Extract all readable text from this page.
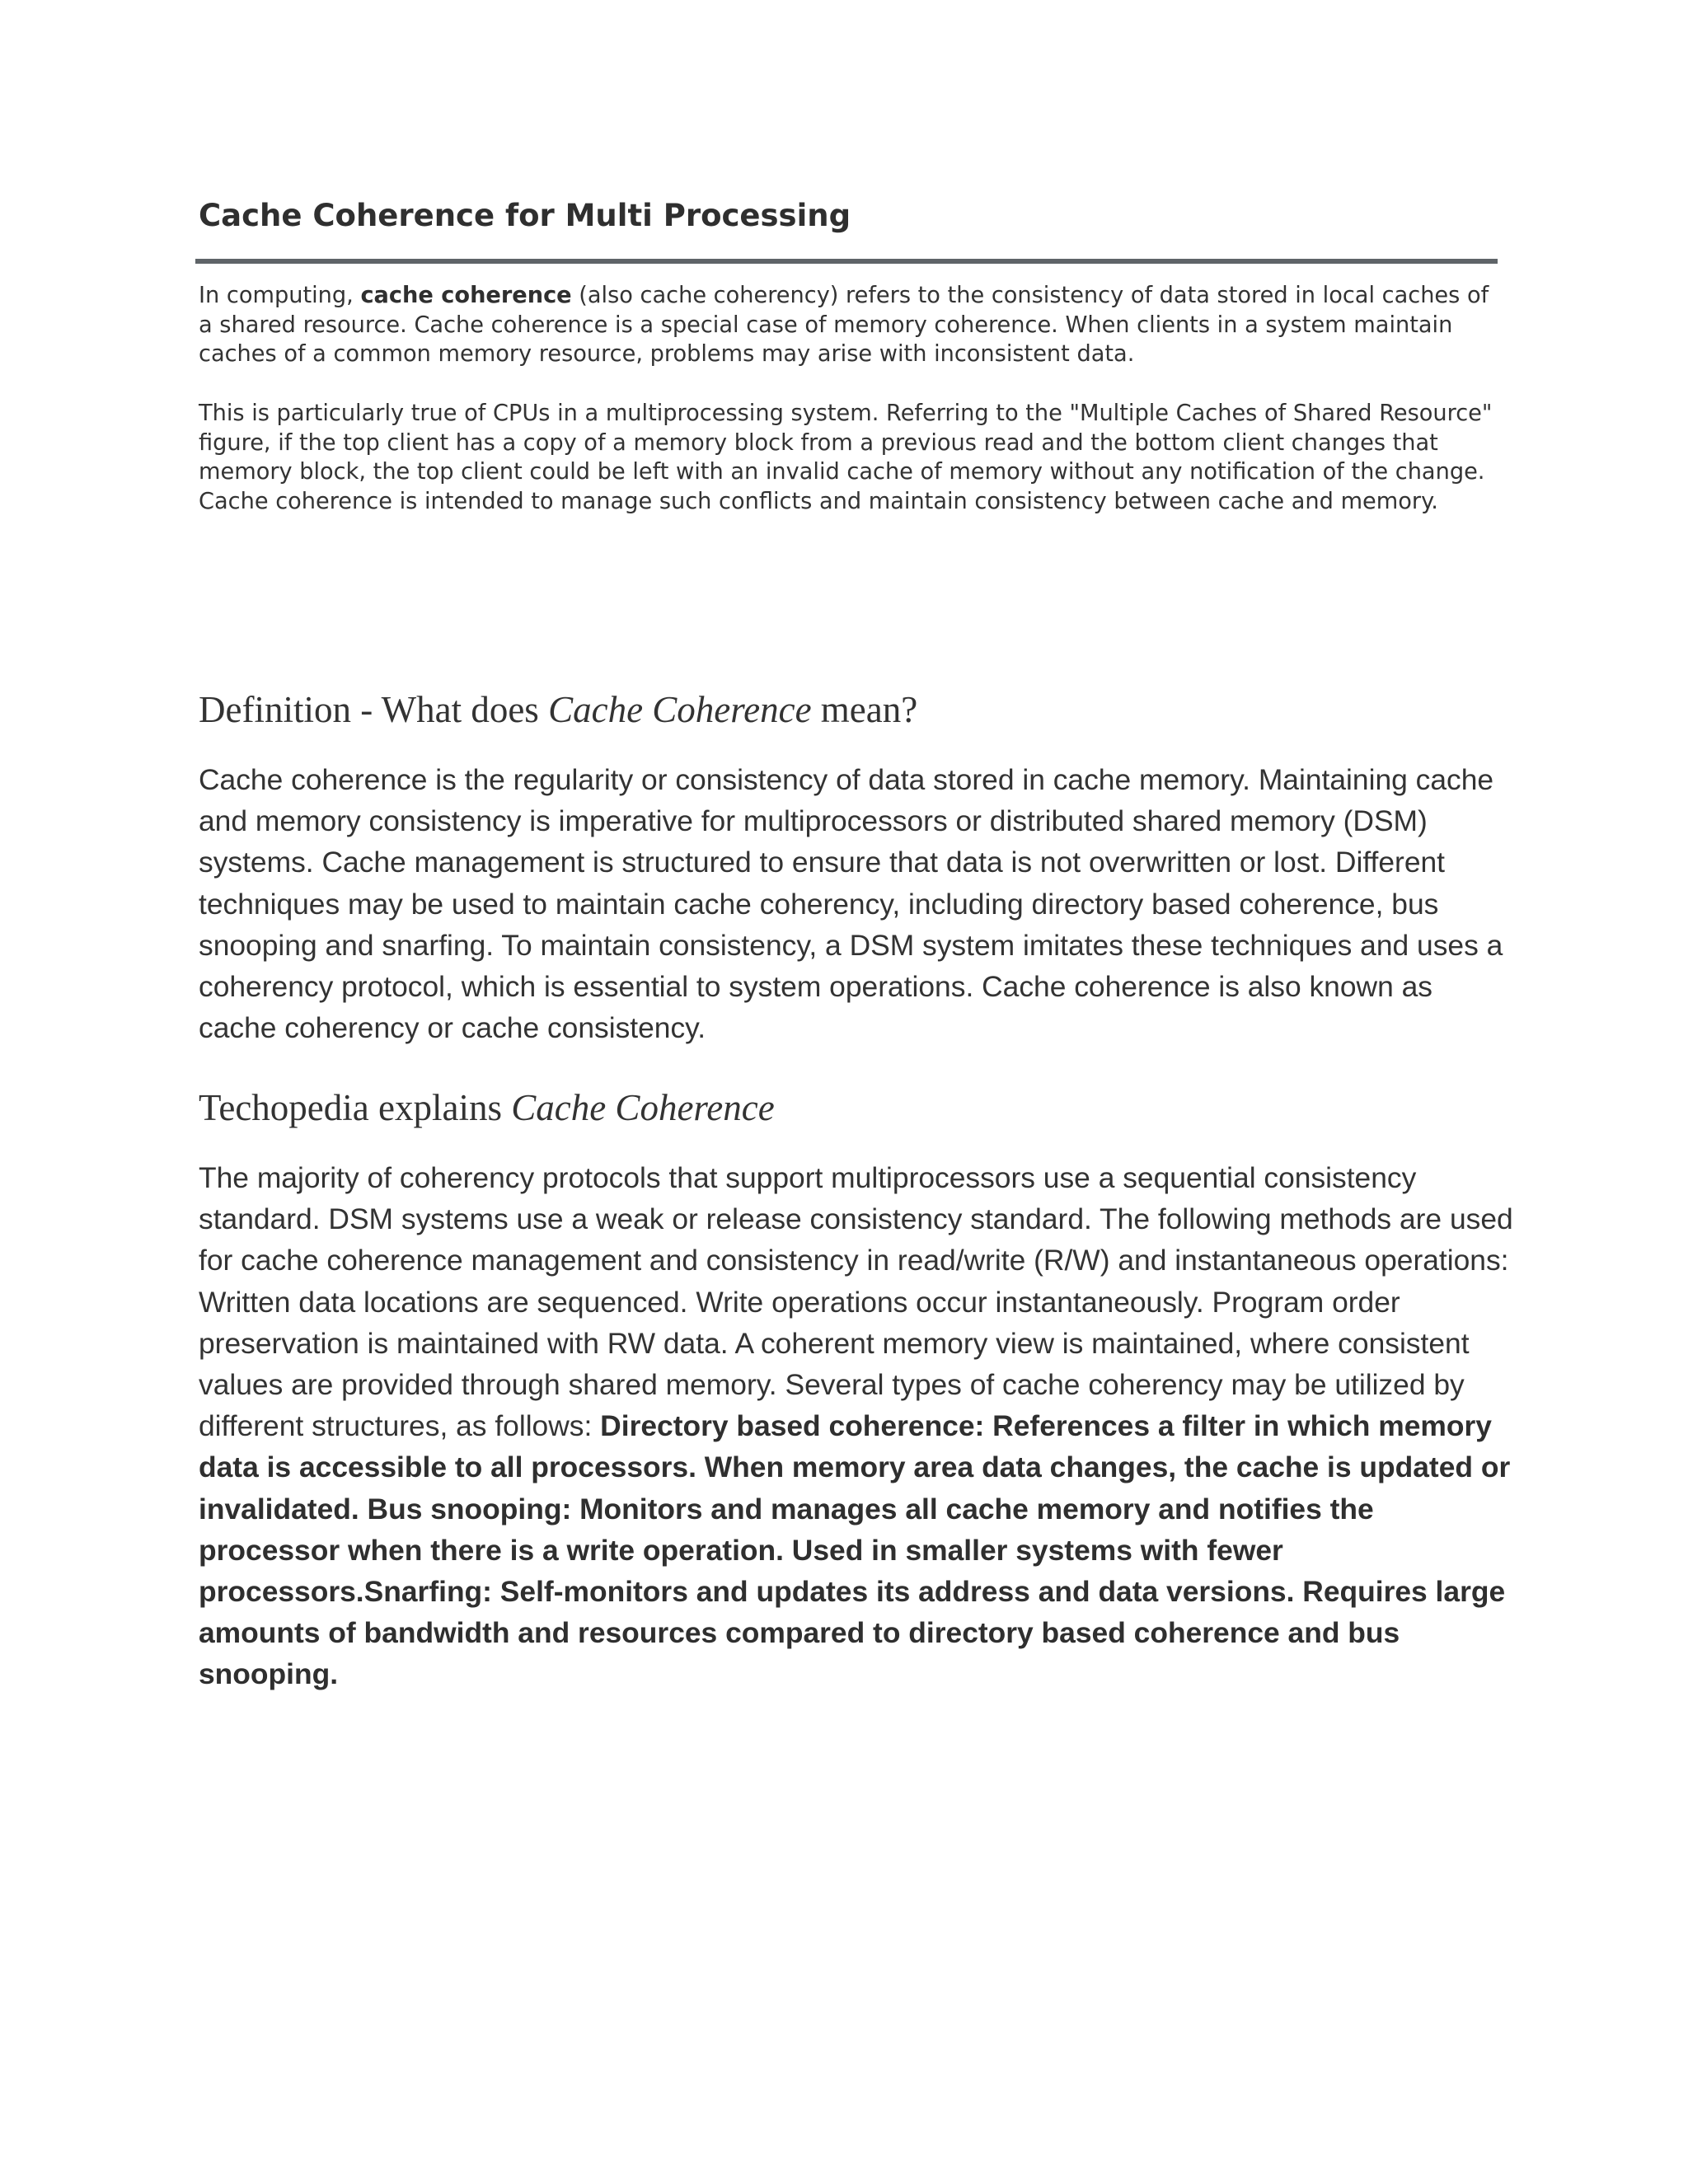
Cache Coherence for Multi Processing

In computing, cache coherence (also cache coherency) refers to the consistency of data stored in local caches of a shared resource. Cache coherence is a special case of memory coherence. When clients in a system maintain caches of a common memory resource, problems may arise with inconsistent data.

This is particularly true of CPUs in a multiprocessing system. Referring to the "Multiple Caches of Shared Resource" figure, if the top client has a copy of a memory block from a previous read and the bottom client changes that memory block, the top client could be left with an invalid cache of memory without any notification of the change. Cache coherence is intended to manage such conflicts and maintain consistency between cache and memory.

Definition - What does Cache Coherence mean?

Cache coherence is the regularity or consistency of data stored in cache memory. Maintaining cache and memory consistency is imperative for multiprocessors or distributed shared memory (DSM) systems. Cache management is structured to ensure that data is not overwritten or lost. Different techniques may be used to maintain cache coherency, including directory based coherence, bus snooping and snarfing. To maintain consistency, a DSM system imitates these techniques and uses a coherency protocol, which is essential to system operations. Cache coherence is also known as cache coherency or cache consistency.

Techopedia explains Cache Coherence

The majority of coherency protocols that support multiprocessors use a sequential consistency standard. DSM systems use a weak or release consistency standard. The following methods are used for cache coherence management and consistency in read/write (R/W) and instantaneous operations: Written data locations are sequenced. Write operations occur instantaneously. Program order preservation is maintained with RW data. A coherent memory view is maintained, where consistent values are provided through shared memory. Several types of cache coherency may be utilized by different structures, as follows: Directory based coherence: References a filter in which memory data is accessible to all processors. When memory area data changes, the cache is updated or invalidated. Bus snooping: Monitors and manages all cache memory and notifies the processor when there is a write operation. Used in smaller systems with fewer processors.Snarfing: Self-monitors and updates its address and data versions. Requires large amounts of bandwidth and resources compared to directory based coherence and bus snooping.
